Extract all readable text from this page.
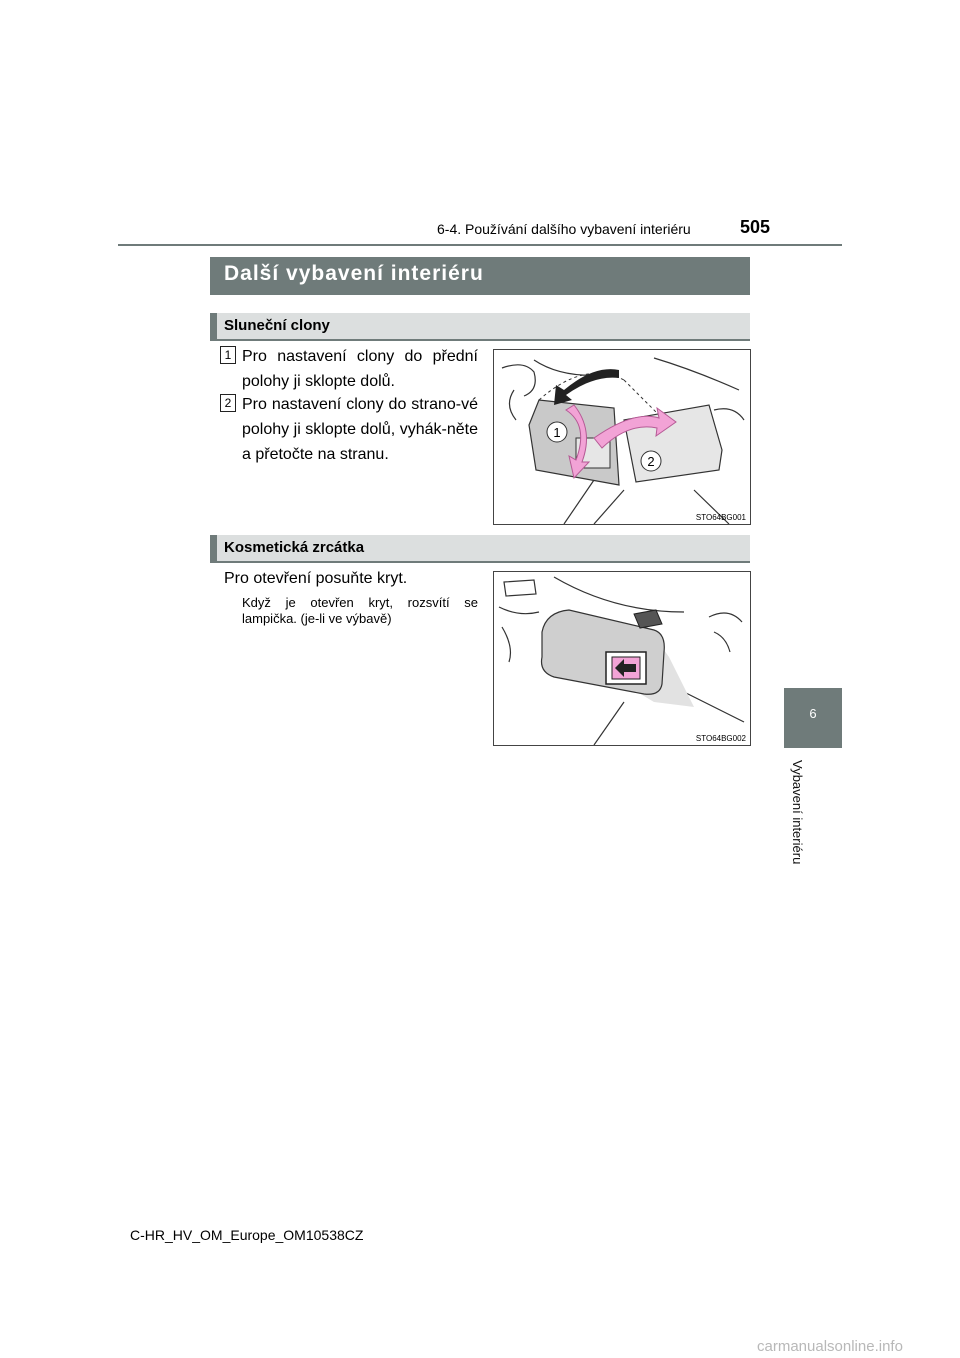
6-4. Používání dalšího vybavení interiéru	505
6
Vybavení interiéru
Další vybavení interiéru
Sluneční clony
1 Pro nastavení clony do přední polohy ji sklopte dolů.
2 Pro nastavení clony do strano-vé polohy ji sklopte dolů, vyhák-něte a přetočte na stranu.
1
2
STO64BG001
Kosmetická zrcátka
Pro otevření posuňte kryt.
Když je otevřen kryt, rozsvítí se lampička. (je-li ve výbavě)
STO64BG002
C-HR_HV_OM_Europe_OM10538CZ
carmanualsonline.info
